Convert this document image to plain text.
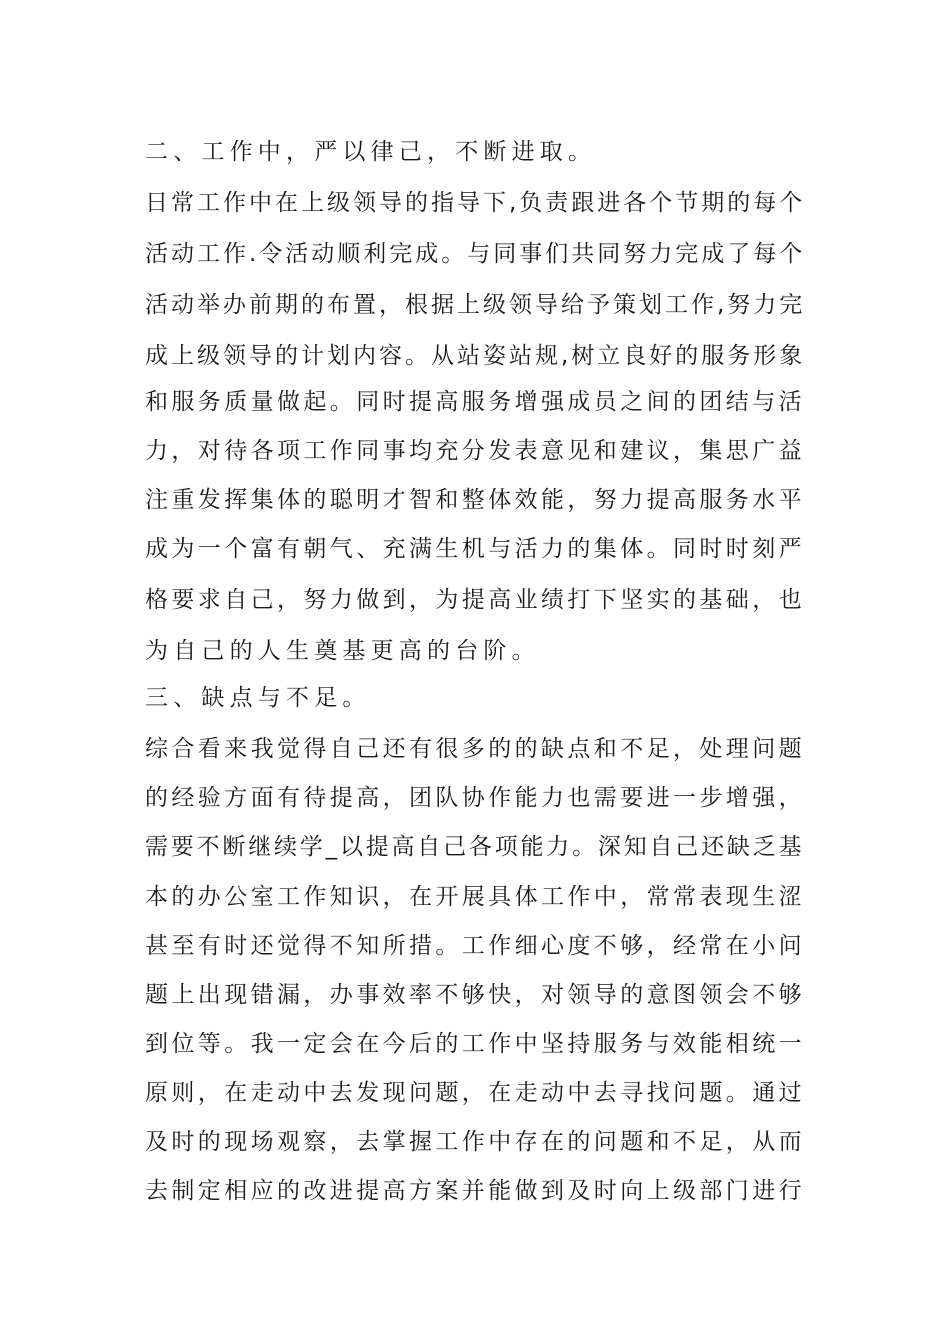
二、工作中，严以律己，不断进取。
日常工作中在上级领导的指导下,负责跟进各个节期的每个
活动工作.令活动顺利完成。与同事们共同努力完成了每个
活动举办前期的布置，根据上级领导给予策划工作,努力完
成上级领导的计划内容。从站姿站规,树立良好的服务形象
和服务质量做起。同时提高服务增强成员之间的团结与活
力，对待各项工作同事均充分发表意见和建议，集思广益
注重发挥集体的聪明才智和整体效能，努力提高服务水平
成为一个富有朝气、充满生机与活力的集体。同时时刻严
格要求自己，努力做到，为提高业绩打下坚实的基础，也
为自己的人生奠基更高的台阶。
三、缺点与不足。
综合看来我觉得自己还有很多的的缺点和不足，处理问题
的经验方面有待提高，团队协作能力也需要进一步增强，
需要不断继续学_以提高自己各项能力。深知自己还缺乏基
本的办公室工作知识，在开展具体工作中，常常表现生涩
甚至有时还觉得不知所措。工作细心度不够，经常在小问
题上出现错漏，办事效率不够快，对领导的意图领会不够
到位等。我一定会在今后的工作中坚持服务与效能相统一
原则，在走动中去发现问题，在走动中去寻找问题。通过
及时的现场观察，去掌握工作中存在的问题和不足，从而
去制定相应的改进提高方案并能做到及时向上级部门进行
